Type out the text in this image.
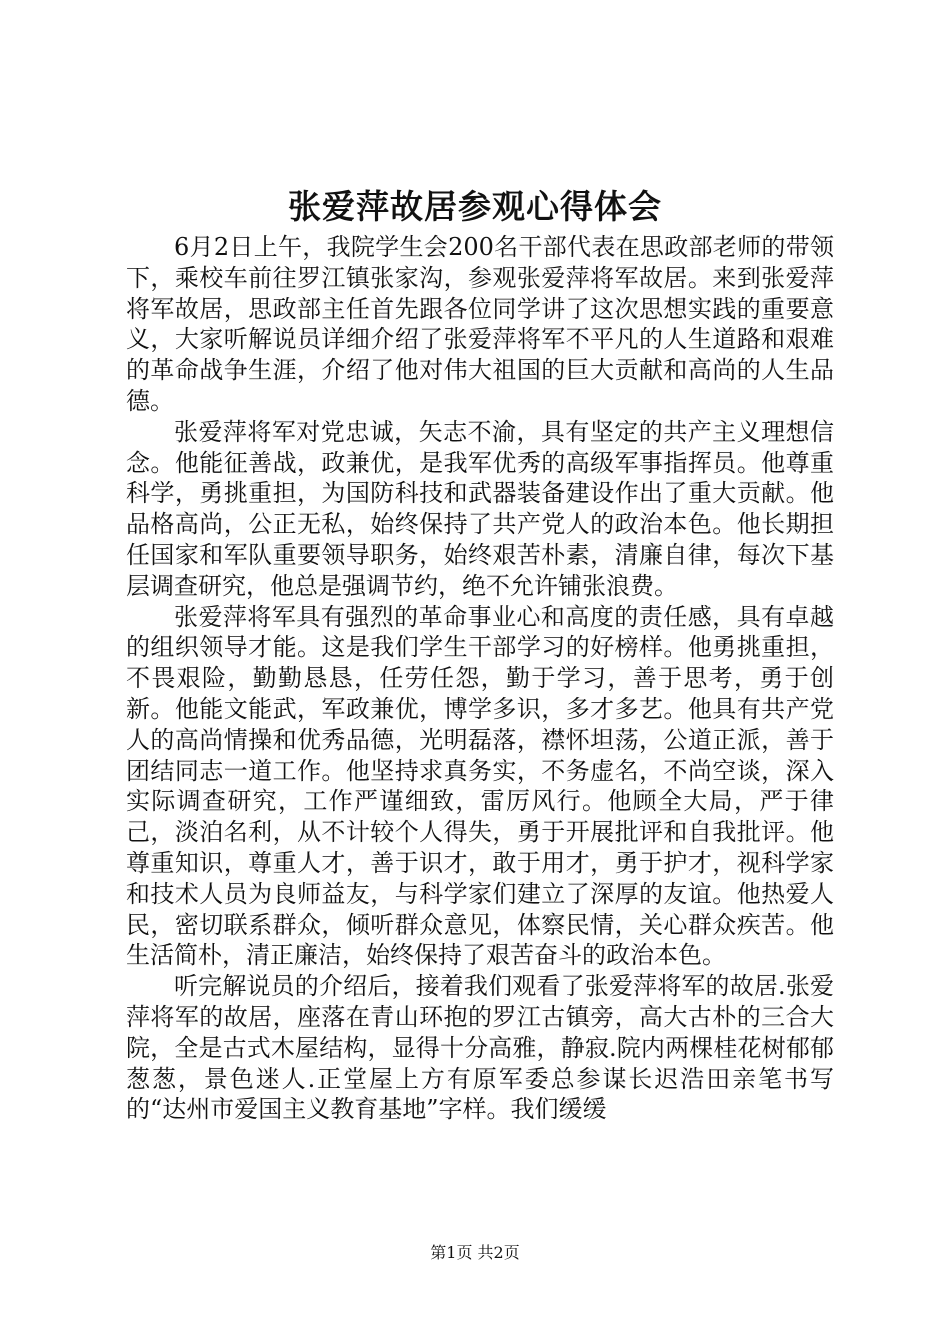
张爱萍故居参观心得体会

6月2日上午，我院学生会200名干部代表在思政部老师的带领下，乘校车前往罗江镇张家沟，参观张爱萍将军故居。来到张爱萍将军故居，思政部主任首先跟各位同学讲了这次思想实践的重要意义，大家听解说员详细介绍了张爱萍将军不平凡的人生道路和艰难的革命战争生涯，介绍了他对伟大祖国的巨大贡献和高尚的人生品德。

张爱萍将军对党忠诚，矢志不渝，具有坚定的共产主义理想信念。他能征善战，政兼优，是我军优秀的高级军事指挥员。他尊重科学，勇挑重担，为国防科技和武器装备建设作出了重大贡献。他品格高尚，公正无私，始终保持了共产党人的政治本色。他长期担任国家和军队重要领导职务，始终艰苦朴素，清廉自律，每次下基层调查研究，他总是强调节约，绝不允许铺张浪费。

张爱萍将军具有强烈的革命事业心和高度的责任感，具有卓越的组织领导才能。这是我们学生干部学习的好榜样。他勇挑重担，不畏艰险，勤勤恳恳，任劳任怨，勤于学习，善于思考，勇于创新。他能文能武，军政兼优，博学多识，多才多艺。他具有共产党人的高尚情操和优秀品德，光明磊落，襟怀坦荡，公道正派，善于团结同志一道工作。他坚持求真务实，不务虚名，不尚空谈，深入实际调查研究，工作严谨细致，雷厉风行。他顾全大局，严于律己，淡泊名利，从不计较个人得失，勇于开展批评和自我批评。他尊重知识，尊重人才，善于识才，敢于用才，勇于护才，视科学家和技术人员为良师益友，与科学家们建立了深厚的友谊。他热爱人民，密切联系群众，倾听群众意见，体察民情，关心群众疾苦。他生活简朴，清正廉洁，始终保持了艰苦奋斗的政治本色。

听完解说员的介绍后，接着我们观看了张爱萍将军的故居.张爱萍将军的故居，座落在青山环抱的罗江古镇旁，高大古朴的三合大院，全是古式木屋结构，显得十分高雅，静寂.院内两棵桂花树郁郁葱葱，景色迷人.正堂屋上方有原军委总参谋长迟浩田亲笔书写的“达州市爱国主义教育基地”字样。我们缓缓

第1页 共2页
